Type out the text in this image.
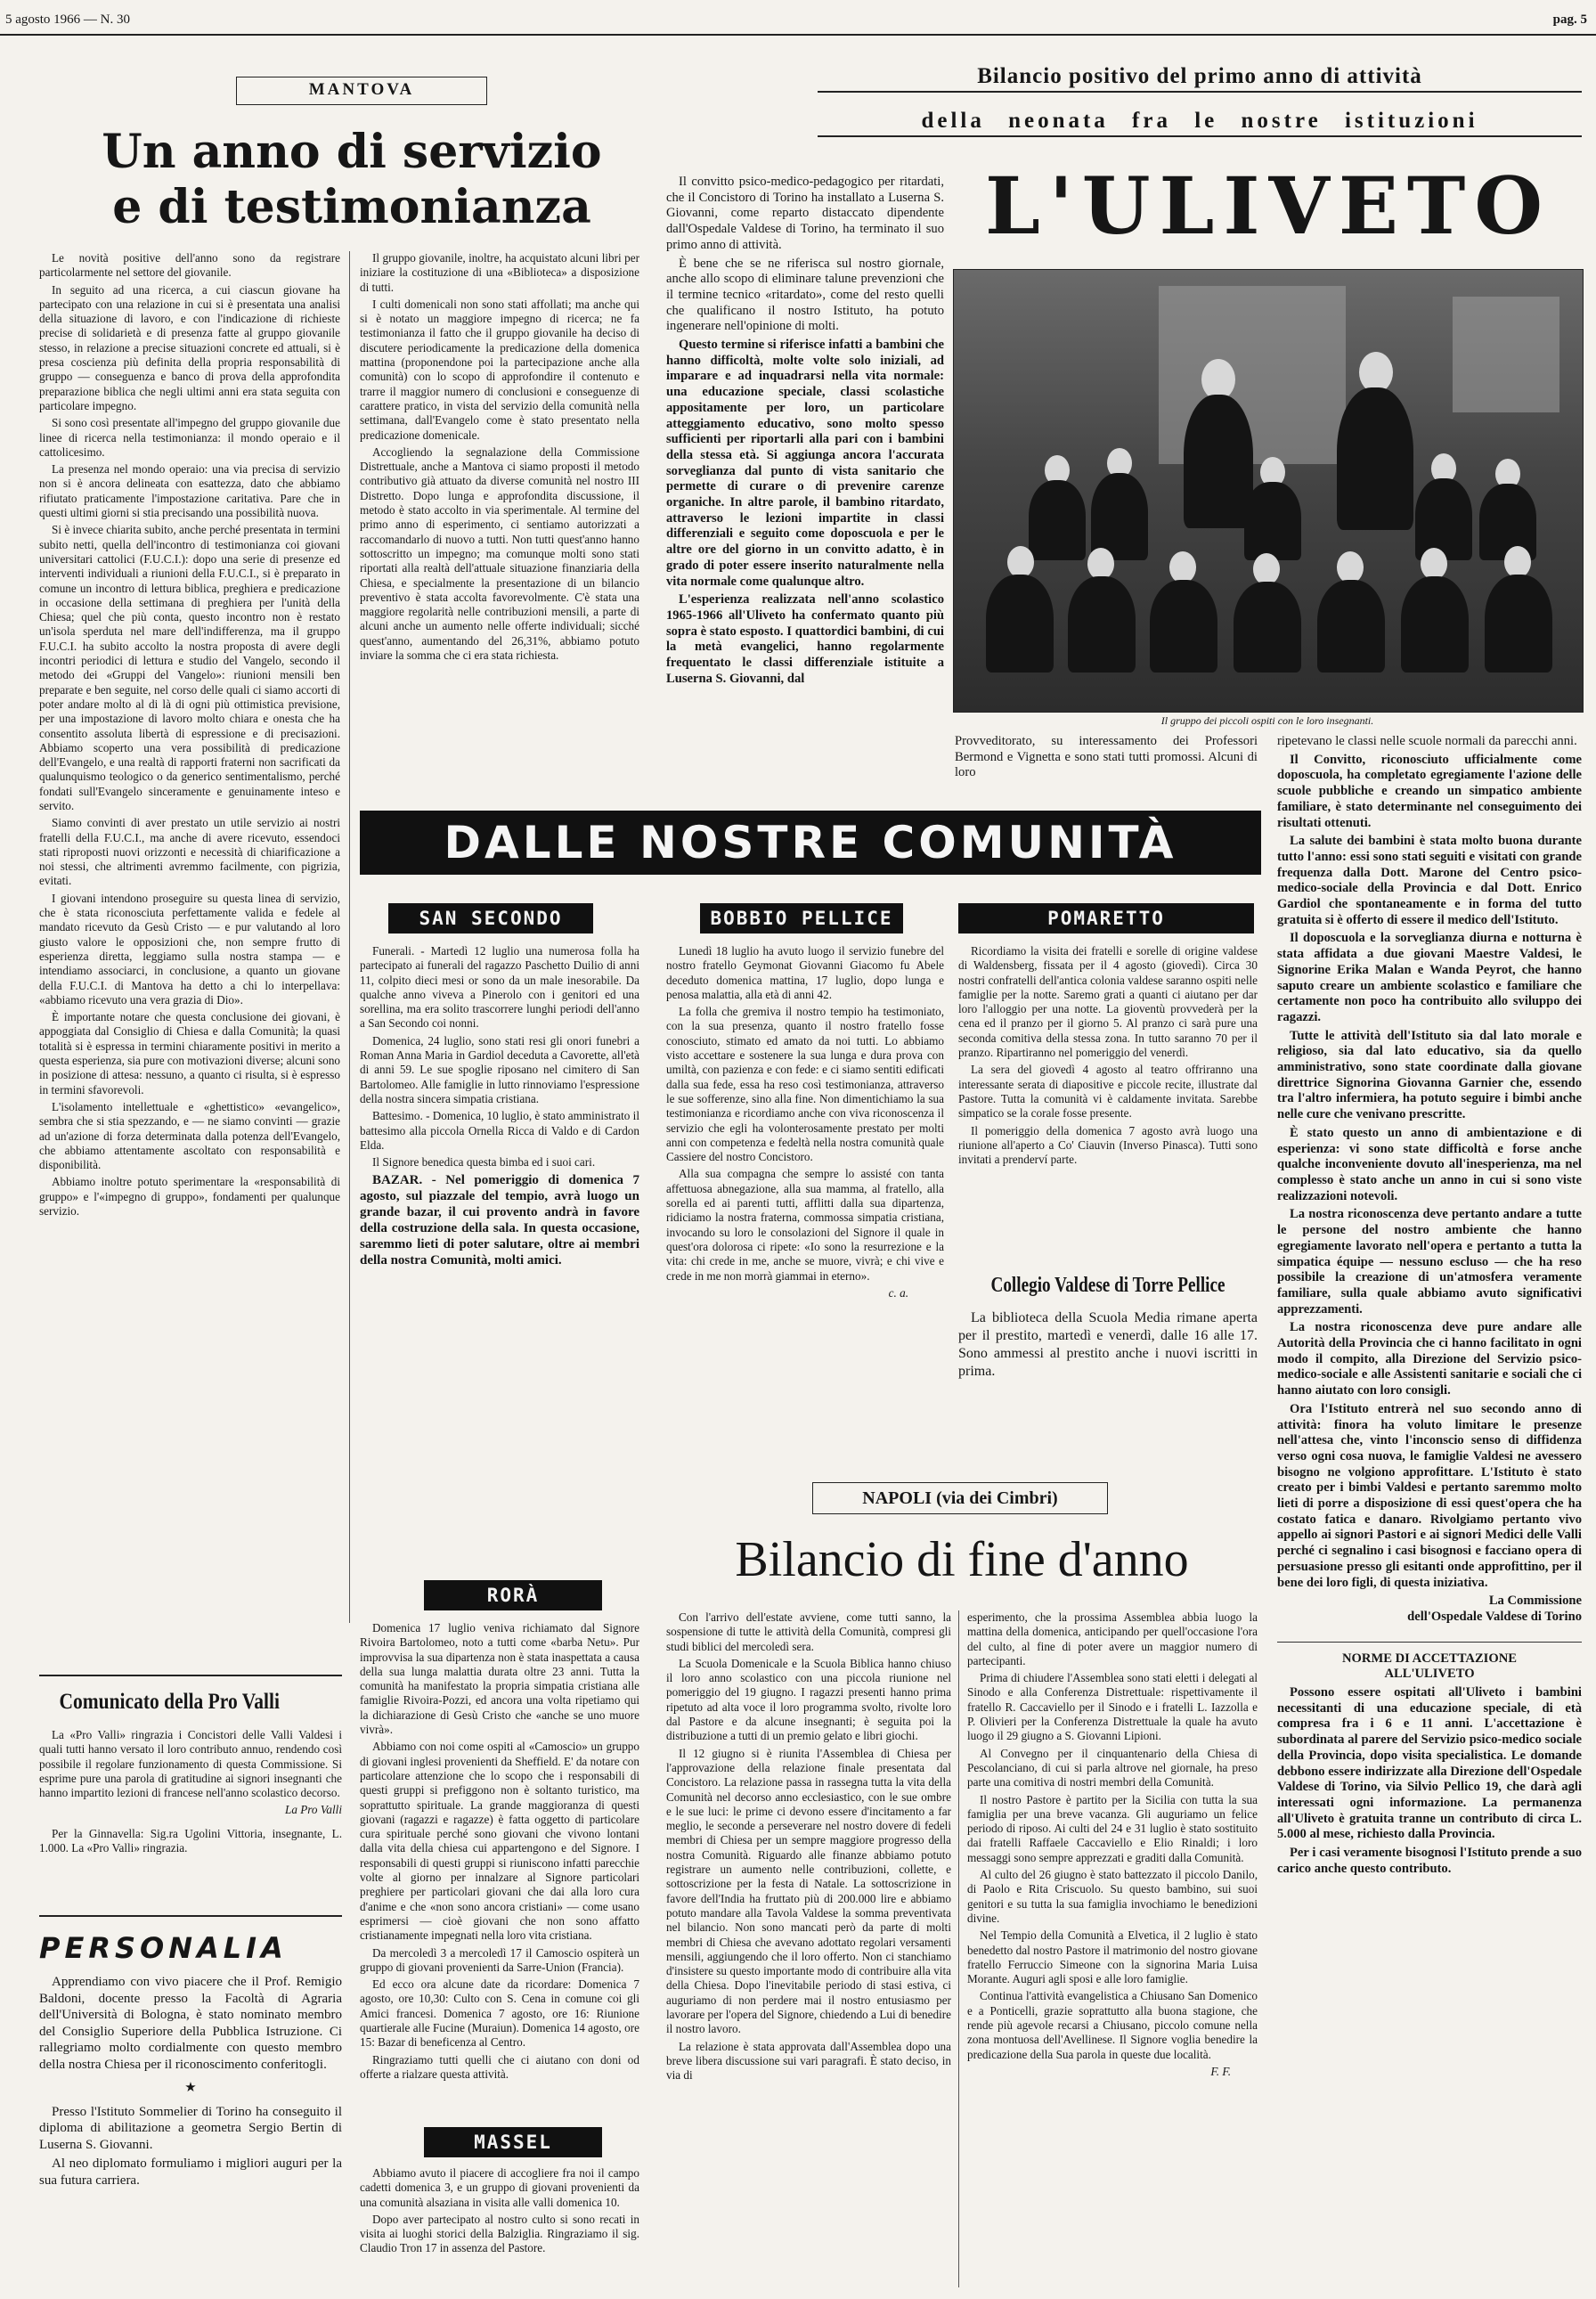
5 agosto 1966 — N. 30	pag. 5
MANTOVA
Un anno di servizio
e di testimonianza

Le novità positive dell'anno sono da registrare particolarmente nel settore del giovanile.

In seguito ad una ricerca, a cui ciascun giovane ha partecipato con una relazione in cui si è presentata una analisi della situazione di lavoro, e con l'indicazione di richieste precise di solidarietà e di presenza fatte al gruppo giovanile stesso, in relazione a precise situazioni concrete ed attuali, si è presa coscienza più definita della propria responsabilità di gruppo — conseguenza e banco di prova della approfondita preparazione biblica che negli ultimi anni era stata seguita con particolare impegno.

Si sono così presentate all'impegno del gruppo giovanile due linee di ricerca nella testimonianza: il mondo operaio e il cattolicesimo.

La presenza nel mondo operaio: una via precisa di servizio non si è ancora delineata con esattezza, dato che abbiamo rifiutato praticamente l'impostazione caritativa. Pare che in questi ultimi giorni si stia precisando una possibilità nuova.

Si è invece chiarita subito, anche perché presentata in termini subito netti, quella dell'incontro di testimonianza coi giovani universitari cattolici (F.U.C.I.): dopo una serie di presenze ed interventi individuali a riunioni della F.U.C.I., si è preparato in comune un incontro di lettura biblica, preghiera e predicazione in occasione della settimana di preghiera per l'unità della Chiesa; quel che più conta, questo incontro non è restato un'isola sperduta nel mare dell'indifferenza, ma il gruppo F.U.C.I. ha subito accolto la nostra proposta di avere degli incontri periodici di lettura e studio del Vangelo, secondo il metodo dei «Gruppi del Vangelo»: riunioni mensili ben preparate e ben seguite, nel corso delle quali ci siamo accorti di poter andare molto al di là di ogni più ottimistica previsione, per una impostazione di lavoro molto chiara e onesta che ha consentito assoluta libertà di espressione e di precisazioni. Abbiamo scoperto una vera possibilità di predicazione dell'Evangelo, e una realtà di rapporti fraterni non sacrificati da qualunquismo teologico o da generico sentimentalismo, perché fondati sull'Evangelo sinceramente e genuinamente inteso e servito.

Siamo convinti di aver prestato un utile servizio ai nostri fratelli della F.U.C.I., ma anche di avere ricevuto, essendoci stati riproposti nuovi orizzonti e necessità di chiarificazione a noi stessi, che altrimenti avremmo facilmente, con pigrizia, evitati.

I giovani intendono proseguire su questa linea di servizio, che è stata riconosciuta perfettamente valida e fedele al mandato ricevuto da Gesù Cristo — e pur valutando al loro giusto valore le opposizioni che, non sempre frutto di esperienza diretta, leggiamo sulla nostra stampa — e intendiamo associarci, in conclusione, a quanto un giovane della F.U.C.I. di Mantova ha detto a chi lo interpellava: «abbiamo ricevuto una vera grazia di Dio».

È importante notare che questa conclusione dei giovani, è appoggiata dal Consiglio di Chiesa e dalla Comunità; la quasi totalità si è espressa in termini chiaramente positivi in merito a questa esperienza, sia pure con motivazioni diverse; alcuni sono in posizione di attesa: nessuno, a quanto ci risulta, si è espresso in termini sfavorevoli.

L'isolamento intellettuale e «ghettistico» «evangelico», sembra che si stia spezzando, e — ne siamo convinti — grazie ad un'azione di forza determinata dalla potenza dell'Evangelo, che abbiamo attentamente ascoltato con responsabilità e disponibilità.

Abbiamo inoltre potuto sperimentare la «responsabilità di gruppo» e l'«impegno di gruppo», fondamenti per qualunque servizio.

Il gruppo giovanile, inoltre, ha acquistato alcuni libri per iniziare la costituzione di una «Biblioteca» a disposizione di tutti.

I culti domenicali non sono stati affollati; ma anche qui si è notato un maggiore impegno di ricerca; ne fa testimonianza il fatto che il gruppo giovanile ha deciso di discutere periodicamente la predicazione della domenica mattina (proponendone poi la partecipazione anche alla comunità) con lo scopo di approfondire il contenuto e trarre il maggior numero di conclusioni e conseguenze di carattere pratico, in vista del servizio della comunità nella settimana, dall'Evangelo come è stato presentato nella predicazione domenicale.

Accogliendo la segnalazione della Commissione Distrettuale, anche a Mantova ci siamo proposti il metodo contributivo già attuato da diverse comunità nel nostro III Distretto. Dopo lunga e approfondita discussione, il metodo è stato accolto in via sperimentale. Al termine del primo anno di esperimento, ci sentiamo autorizzati a raccomandarlo di nuovo a tutti. Non tutti quest'anno hanno sottoscritto un impegno; ma comunque molti sono stati riportati alla realtà dell'attuale situazione finanziaria della Chiesa, e specialmente la presentazione di un bilancio preventivo è stata accolta favorevolmente. C'è stata una maggiore regolarità nelle contribuzioni mensili, a parte di alcuni anche un aumento nelle offerte individuali; sicché quest'anno, aumentando del 26,31%, abbiamo potuto inviare la somma che ci era stata richiesta.

Comunicato della Pro Valli

La «Pro Valli» ringrazia i Concistori delle Valli Valdesi i quali tutti hanno versato il loro contributo annuo, rendendo così possibile il regolare funzionamento di questa Commissione. Si esprime pure una parola di gratitudine ai signori insegnanti che hanno impartito lezioni di francese nell'anno scolastico decorso.

La Pro Valli

Per la Ginnavella: Sig.ra Ugolini Vittoria, insegnante, L. 1.000. La «Pro Valli» ringrazia.

PERSONALIA

Apprendiamo con vivo piacere che il Prof. Remigio Baldoni, docente presso la Facoltà di Agraria dell'Università di Bologna, è stato nominato membro del Consiglio Superiore della Pubblica Istruzione. Ci rallegriamo molto cordialmente con questo membro della nostra Chiesa per il riconoscimento conferitogli.

★

Presso l'Istituto Sommelier di Torino ha conseguito il diploma di abilitazione a geometra Sergio Bertin di Luserna S. Giovanni.

Al neo diplomato formuliamo i migliori auguri per la sua futura carriera.

Bilancio positivo del primo anno di attività
della neonata fra le nostre istituzioni

Il convitto psico-medico-pedagogico per ritardati, che il Concistoro di Torino ha installato a Luserna S. Giovanni, come reparto distaccato dipendente dall'Ospedale Valdese di Torino, ha terminato il suo primo anno di attività.

È bene che se ne riferisca sul nostro giornale, anche allo scopo di eliminare talune prevenzioni che il termine tecnico «ritardato», come del resto quelli che qualificano il nostro Istituto, ha potuto ingenerare nell'opinione di molti.

Questo termine si riferisce infatti a bambini che hanno difficoltà, molte volte solo iniziali, ad imparare e ad inquadrarsi nella vita normale: una educazione speciale, classi scolastiche appositamente per loro, un particolare atteggiamento educativo, sono molto spesso sufficienti per riportarli alla pari con i bambini della stessa età. Si aggiunga ancora l'accurata sorveglianza dal punto di vista sanitario che permette di curare o di prevenire carenze organiche. In altre parole, il bambino ritardato, attraverso le lezioni impartite in classi differenziali e seguito come doposcuola e per le altre ore del giorno in un convitto adatto, è in grado di poter essere inserito naturalmente nella vita normale come qualunque altro.

L'esperienza realizzata nell'anno scolastico 1965-1966 all'Uliveto ha confermato quanto più sopra è stato esposto. I quattordici bambini, di cui la metà evangelici, hanno regolarmente frequentato le classi differenziale istituite a Luserna S. Giovanni, dal

L'ULIVETO
Il gruppo dei piccoli ospiti con le loro insegnanti.

Provveditorato, su interessamento dei Professori Bermond e Vignetta e sono stati tutti promossi. Alcuni di loro

ripetevano le classi nelle scuole normali da parecchi anni.

Il Convitto, riconosciuto ufficialmente come doposcuola, ha completato egregiamente l'azione delle scuole pubbliche e creando un simpatico ambiente familiare, è stato determinante nel conseguimento dei risultati ottenuti.

La salute dei bambini è stata molto buona durante tutto l'anno: essi sono stati seguiti e visitati con grande frequenza dalla Dott. Marone del Centro psico-medico-sociale della Provincia e dal Dott. Enrico Gardiol che spontaneamente e in forma del tutto gratuita si è offerto di essere il medico dell'Istituto.

Il doposcuola e la sorveglianza diurna e notturna è stata affidata a due giovani Maestre Valdesi, le Signorine Erika Malan e Wanda Peyrot, che hanno saputo creare un ambiente scolastico e familiare che certamente non poco ha contribuito allo sviluppo dei ragazzi.

Tutte le attività dell'Istituto sia dal lato morale e religioso, sia dal lato educativo, sia da quello amministrativo, sono state coordinate dalla giovane direttrice Signorina Giovanna Garnier che, essendo tra l'altro infermiera, ha potuto seguire i bimbi anche nelle cure che venivano prescritte.

È stato questo un anno di ambientazione e di esperienza: vi sono state difficoltà e forse anche qualche inconveniente dovuto all'inesperienza, ma nel complesso è stato anche un anno in cui si sono viste realizzazioni notevoli.

La nostra riconoscenza deve pertanto andare a tutte le persone del nostro ambiente che hanno egregiamente lavorato nell'opera e pertanto a tutta la simpatica équipe — nessuno escluso — che ha reso possibile la creazione di un'atmosfera veramente familiare, sulla quale abbiamo avuto significativi apprezzamenti.

La nostra riconoscenza deve pure andare alle Autorità della Provincia che ci hanno facilitato in ogni modo il compito, alla Direzione del Servizio psico-medico-sociale e alle Assistenti sanitarie e sociali che ci hanno aiutato con loro consigli.

Ora l'Istituto entrerà nel suo secondo anno di attività: finora ha voluto limitare le presenze nell'attesa che, vinto l'inconscio senso di diffidenza verso ogni cosa nuova, le famiglie Valdesi ne avessero bisogno ne volgiono approfittare. L'Istituto è stato creato per i bimbi Valdesi e pertanto saremmo molto lieti di porre a disposizione di essi quest'opera che ha costato fatica e danaro. Rivolgiamo pertanto vivo appello ai signori Pastori e ai signori Medici delle Valli perché ci segnalino i casi bisognosi e facciano opera di persuasione presso gli esitanti onde approfittino, per il bene dei loro figli, di questa iniziativa.

La Commissione

dell'Ospedale Valdese di Torino

NORME DI ACCETTAZIONE

ALL'ULIVETO

Possono essere ospitati all'Uliveto i bambini necessitanti di una educazione speciale, di età compresa fra i 6 e 11 anni. L'accettazione è subordinata al parere del Servizio psico-medico sociale della Provincia, dopo visita specialistica. Le domande debbono essere indirizzate alla Direzione dell'Ospedale Valdese di Torino, via Silvio Pellico 19, che darà agli interessati ogni informazione. La permanenza all'Uliveto è gratuita tranne un contributo di circa L. 5.000 al mese, richiesto dalla Provincia.

Per i casi veramente bisognosi l'Istituto prende a suo carico anche questo contributo.

DALLE NOSTRE COMUNITÀ
SAN SECONDO

Funerali. - Martedì 12 luglio una numerosa folla ha partecipato ai funerali del ragazzo Paschetto Duilio di anni 11, colpito dieci mesi or sono da un male inesorabile. Da qualche anno viveva a Pinerolo con i genitori ed una sorellina, ma era solito trascorrere lunghi periodi dell'anno a San Secondo coi nonni.

Domenica, 24 luglio, sono stati resi gli onori funebri a Roman Anna Maria in Gardiol deceduta a Cavorette, all'età di anni 59. Le sue spoglie riposano nel cimitero di San Bartolomeo. Alle famiglie in lutto rinnoviamo l'espressione della nostra sincera simpatia cristiana.

Battesimo. - Domenica, 10 luglio, è stato amministrato il battesimo alla piccola Ornella Ricca di Valdo e di Cardon Elda.

Il Signore benedica questa bimba ed i suoi cari.

BAZAR. - Nel pomeriggio di domenica 7 agosto, sul piazzale del tempio, avrà luogo un grande bazar, il cui provento andrà in favore della costruzione della sala. In questa occasione, saremmo lieti di poter salutare, oltre ai membri della nostra Comunità, molti amici.

RORÀ

Domenica 17 luglio veniva richiamato dal Signore Rivoira Bartolomeo, noto a tutti come «barba Netu». Pur improvvisa la sua dipartenza non è stata inaspettata a causa della sua lunga malattia durata oltre 23 anni. Tutta la comunità ha manifestato la propria simpatia cristiana alle famiglie Rivoira-Pozzi, ed ancora una volta ripetiamo qui la dichiarazione di Gesù Cristo che «anche se uno muore vivrà».

Abbiamo con noi come ospiti al «Camoscio» un gruppo di giovani inglesi provenienti da Sheffield. E' da notare con particolare attenzione che lo scopo che i responsabili di questi gruppi si prefiggono non è soltanto turistico, ma soprattutto spirituale. La grande maggioranza di questi giovani (ragazzi e ragazze) è fatta oggetto di particolare cura spirituale perché sono giovani che vivono lontani dalla vita della chiesa cui appartengono e del Signore. I responsabili di questi gruppi si riuniscono infatti parecchie volte al giorno per innalzare al Signore particolari preghiere per particolari giovani che dai alla loro cura d'anime e che «non sono ancora cristiani» — come usano esprimersi — cioè giovani che non sono affatto cristianamente impegnati nella loro vita cristiana.

Da mercoledì 3 a mercoledì 17 il Camoscio ospiterà un gruppo di giovani provenienti da Sarre-Union (Francia).

Ed ecco ora alcune date da ricordare: Domenica 7 agosto, ore 10,30: Culto con S. Cena in comune coi gli Amici francesi. Domenica 7 agosto, ore 16: Riunione quartierale alle Fucine (Muraiun). Domenica 14 agosto, ore 15: Bazar di beneficenza al Centro.

Ringraziamo tutti quelli che ci aiutano con doni od offerte a rialzare questa attività.

MASSEL

Abbiamo avuto il piacere di accogliere fra noi il campo cadetti domenica 3, e un gruppo di giovani provenienti da una comunità alsaziana in visita alle valli domenica 10.

Dopo aver partecipato al nostro culto si sono recati in visita ai luoghi storici della Balziglia. Ringraziamo il sig. Claudio Tron 17 in assenza del Pastore.

BOBBIO PELLICE

Lunedì 18 luglio ha avuto luogo il servizio funebre del nostro fratello Geymonat Giovanni Giacomo fu Abele deceduto domenica mattina, 17 luglio, dopo lunga e penosa malattia, alla età di anni 42.

La folla che gremiva il nostro tempio ha testimoniato, con la sua presenza, quanto il nostro fratello fosse conosciuto, stimato ed amato da noi tutti. Lo abbiamo visto accettare e sostenere la sua lunga e dura prova con umiltà, con pazienza e con fede: e ci siamo sentiti edificati dalla sua fede, essa ha reso così testimonianza, attraverso le sue sofferenze, sino alla fine. Non dimentichiamo la sua testimonianza e ricordiamo anche con viva riconoscenza il servizio che egli ha volonterosamente prestato per molti anni con competenza e fedeltà nella nostra comunità quale Cassiere del nostro Concistoro.

Alla sua compagna che sempre lo assisté con tanta affettuosa abnegazione, alla sua mamma, al fratello, alla sorella ed ai parenti tutti, afflitti dalla sua dipartenza, ridiciamo la nostra fraterna, commossa simpatia cristiana, invocando su loro le consolazioni del Signore il quale in quest'ora dolorosa ci ripete: «Io sono la resurrezione e la vita: chi crede in me, anche se muore, vivrà; e chi vive e crede in me non morrà giammai in eterno».

c. a.

POMARETTO

Ricordiamo la visita dei fratelli e sorelle di origine valdese di Waldensberg, fissata per il 4 agosto (giovedì). Circa 30 nostri confratelli dell'antica colonia valdese saranno ospiti nelle famiglie per la notte. Saremo grati a quanti ci aiutano per dar loro l'alloggio per una notte. La gioventù provvederà per la cena ed il pranzo per il giorno 5. Al pranzo ci sarà pure una seconda comitiva della stessa zona. In tutto saranno 70 per il pranzo. Ripartiranno nel pomeriggio del venerdì.

La sera del giovedì 4 agosto al teatro offriranno una interessante serata di diapositive e piccole recite, illustrate dal Pastore. Tutta la comunità vi è caldamente invitata. Sarebbe simpatico se la corale fosse presente.

Il pomeriggio della domenica 7 agosto avrà luogo una riunione all'aperto a Co' Ciauvin (Inverso Pinasca). Tutti sono invitati a prenderví parte.

Collegio Valdese di Torre Pellice

La biblioteca della Scuola Media rimane aperta per il prestito, martedì e venerdì, dalle 16 alle 17. Sono ammessi al prestito anche i nuovi iscritti in prima.

NAPOLI (via dei Cimbri)
Bilancio di fine d'anno

Con l'arrivo dell'estate avviene, come tutti sanno, la sospensione di tutte le attività della Comunità, compresi gli studi biblici del mercoledì sera.

La Scuola Domenicale e la Scuola Biblica hanno chiuso il loro anno scolastico con una piccola riunione nel pomeriggio del 19 giugno. I ragazzi presenti hanno prima ripetuto ad alta voce il loro programma svolto, rivolte loro dal Pastore e da alcune insegnanti; è seguita poi la distribuzione a tutti di un premio gelato e libri giochi.

Il 12 giugno si è riunita l'Assemblea di Chiesa per l'approvazione della relazione finale presentata dal Concistoro. La relazione passa in rassegna tutta la vita della Comunità nel decorso anno ecclesiastico, con le sue ombre e le sue luci: le prime ci devono essere d'incitamento a far meglio, le seconde a perseverare nel nostro dovere di fedeli membri di Chiesa per un sempre maggiore progresso della nostra Comunità. Riguardo alle finanze abbiamo potuto registrare un aumento nelle contribuzioni, collette, e sottoscrizione per la festa di Natale. La sottoscrizione in favore dell'India ha fruttato più di 200.000 lire e abbiamo potuto mandare alla Tavola Valdese la somma preventivata nel bilancio. Non sono mancati però da parte di molti membri di Chiesa che avevano adottato regolari versamenti mensili, aggiungendo che il loro offerto. Non ci stanchiamo d'insistere su questo importante modo di contribuire alla vita della Chiesa. Dopo l'inevitabile periodo di stasi estiva, ci auguriamo di non perdere mai il nostro entusiasmo per lavorare per l'opera del Signore, chiedendo a Lui di benedire il nostro lavoro.

La relazione è stata approvata dall'Assemblea dopo una breve libera discussione sui vari paragrafi. È stato deciso, in via di

esperimento, che la prossima Assemblea abbia luogo la mattina della domenica, anticipando per quell'occasione l'ora del culto, al fine di poter avere un maggior numero di partecipanti.

Prima di chiudere l'Assemblea sono stati eletti i delegati al Sinodo e alla Conferenza Distrettuale: rispettivamente il fratello R. Caccaviello per il Sinodo e i fratelli L. Iazzolla e P. Olivieri per la Conferenza Distrettuale la quale ha avuto luogo il 29 giugno a S. Giovanni Lipioni.

Al Convegno per il cinquantenario della Chiesa di Pescolanciano, di cui si parla altrove nel giornale, ha preso parte una comitiva di nostri membri della Comunità.

Il nostro Pastore è partito per la Sicilia con tutta la sua famiglia per una breve vacanza. Gli auguriamo un felice periodo di riposo. Ai culti del 24 e 31 luglio è stato sostituito dai fratelli Raffaele Caccaviello e Elio Rinaldi; i loro messaggi sono sempre apprezzati e graditi dalla Comunità.

Al culto del 26 giugno è stato battezzato il piccolo Danilo, di Paolo e Rita Criscuolo. Su questo bambino, sui suoi genitori e su tutta la sua famiglia invochiamo le benedizioni divine.

Nel Tempio della Comunità a Elvetica, il 2 luglio è stato benedetto dal nostro Pastore il matrimonio del nostro giovane fratello Ferruccio Simeone con la signorina Maria Luisa Morante. Auguri agli sposi e alle loro famiglie.

Continua l'attività evangelistica a Chiusano San Domenico e a Ponticelli, grazie soprattutto alla buona stagione, che rende più agevole recarsi a Chiusano, piccolo comune nella zona montuosa dell'Avellinese. Il Signore voglia benedire la predicazione della Sua parola in queste due località.

F. F.
